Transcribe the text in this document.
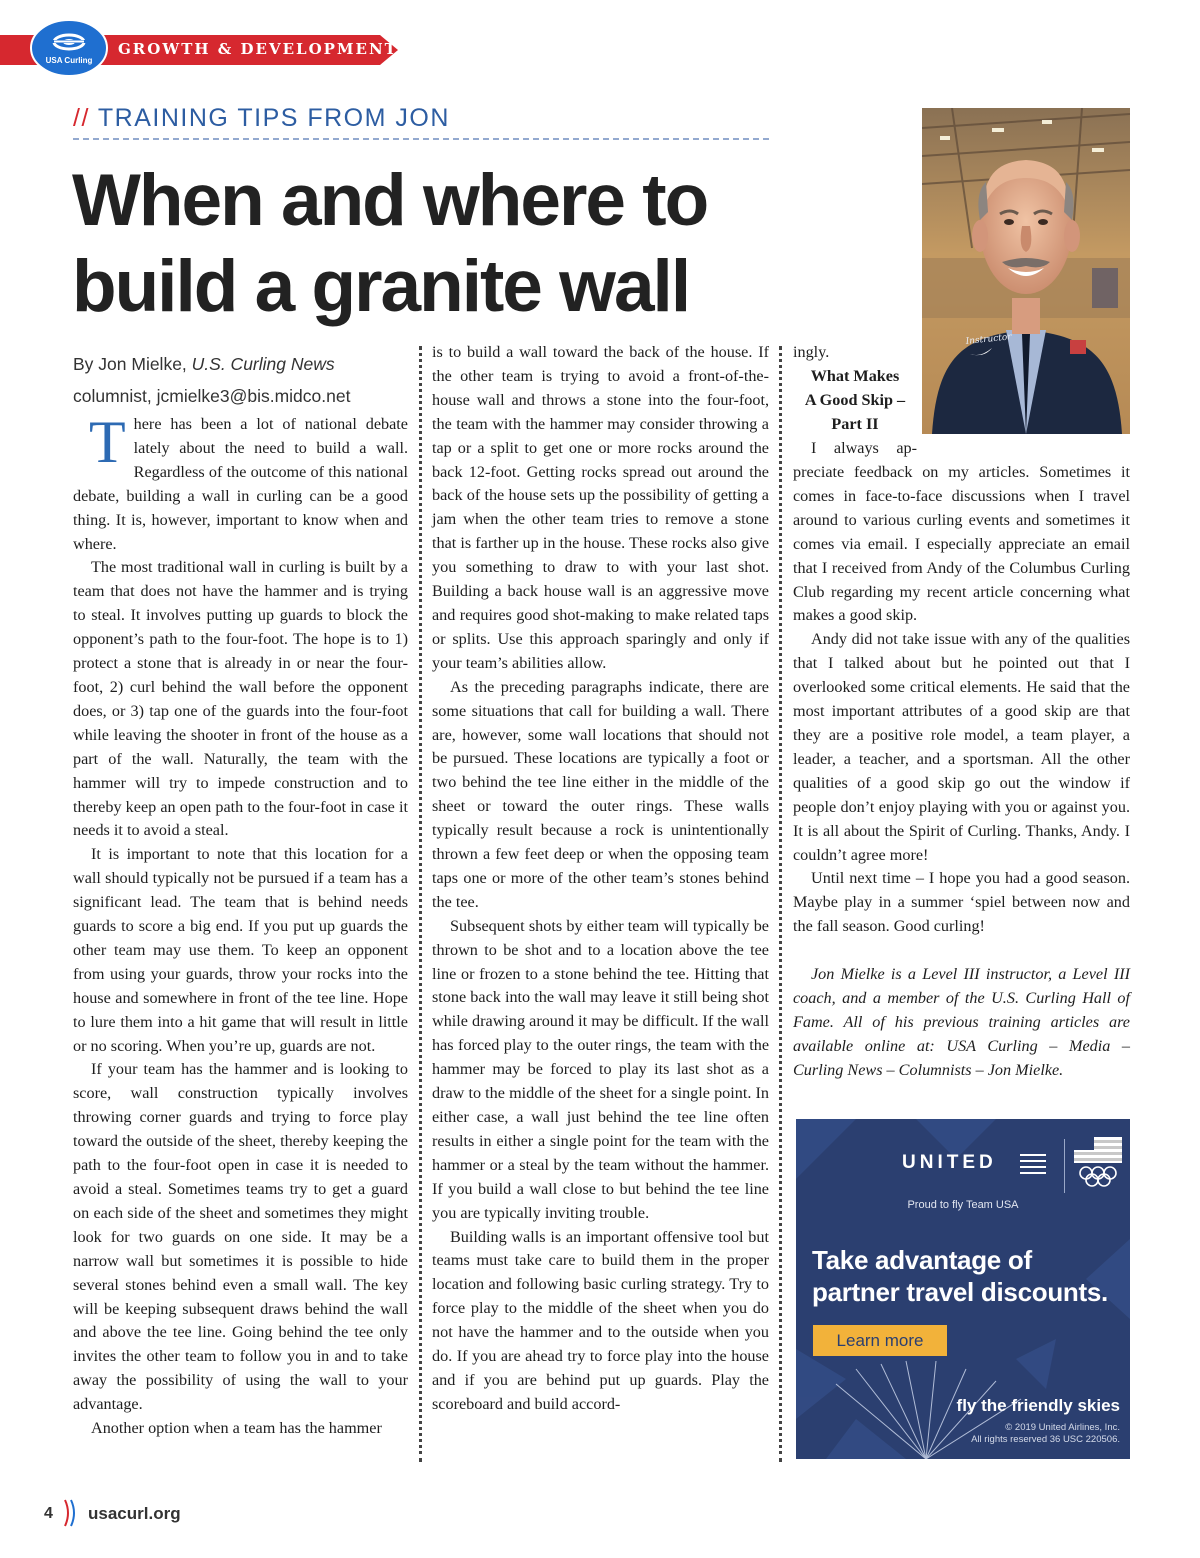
GROWTH & DEVELOPMENT
USA Curling
// TRAINING TIPS FROM JON
When and where to
build a granite wall
Instructor
By Jon Mielke, U.S. Curling News
columnist, jcmielke3@bis.midco.net

There has been a lot of national debate lately about the need to build a wall. Regardless of the outcome of this national debate, building a wall in curling can be a good thing. It is, however, important to know when and where.

The most traditional wall in curling is built by a team that does not have the hammer and is trying to steal. It involves putting up guards to block the opponent’s path to the four-foot. The hope is to 1) protect a stone that is already in or near the four-foot, 2) curl behind the wall before the opponent does, or 3) tap one of the guards into the four-foot while leaving the shooter in front of the house as a part of the wall. Naturally, the team with the hammer will try to impede construction and to thereby keep an open path to the four-foot in case it needs it to avoid a steal.

It is important to note that this location for a wall should typically not be pursued if a team has a significant lead. The team that is behind needs guards to score a big end. If you put up guards the other team may use them. To keep an opponent from using your guards, throw your rocks into the house and somewhere in front of the tee line. Hope to lure them into a hit game that will result in little or no scoring. When you’re up, guards are not.

If your team has the hammer and is looking to score, wall construction typically involves throwing corner guards and trying to force play toward the outside of the sheet, thereby keeping the path to the four-foot open in case it is needed to avoid a steal. Sometimes teams try to get a guard on each side of the sheet and sometimes they might look for two guards on one side. It may be a narrow wall but sometimes it is possible to hide several stones behind even a small wall. The key will be keeping subsequent draws behind the wall and above the tee line. Going behind the tee only invites the other team to follow you in and to take away the possibility of using the wall to your advantage.

Another option when a team has the hammer

is to build a wall toward the back of the house. If the other team is trying to avoid a front-of-the-house wall and throws a stone into the four-foot, the team with the hammer may consider throwing a tap or a split to get one or more rocks around the back 12-foot. Getting rocks spread out around the back of the house sets up the possibility of getting a jam when the other team tries to remove a stone that is farther up in the house. These rocks also give you something to draw to with your last shot. Building a back house wall is an aggressive move and requires good shot-making to make related taps or splits. Use this approach sparingly and only if your team’s abilities allow.

As the preceding paragraphs indicate, there are some situations that call for building a wall. There are, however, some wall locations that should not be pursued. These locations are typically a foot or two behind the tee line either in the middle of the sheet or toward the outer rings. These walls typically result because a rock is unintentionally thrown a few feet deep or when the opposing team taps one or more of the other team’s stones behind the tee.

Subsequent shots by either team will typically be thrown to be shot and to a location above the tee line or frozen to a stone behind the tee. Hitting that stone back into the wall may leave it still being shot while drawing around it may be difficult. If the wall has forced play to the outer rings, the team with the hammer may be forced to play its last shot as a draw to the middle of the sheet for a single point. In either case, a wall just behind the tee line often results in either a single point for the team with the hammer or a steal by the team without the hammer. If you build a wall close to but behind the tee line you are typically inviting trouble.

Building walls is an important offensive tool but teams must take care to build them in the proper location and following basic curling strategy. Try to force play to the middle of the sheet when you do not have the hammer and to the outside when you do. If you are ahead try to force play into the house and if you are behind put up guards. Play the scoreboard and build accord-

ingly.

What Makes
A Good Skip –
Part II

I always ap-

preciate feedback on my articles. Sometimes it comes in face-to-face discussions when I travel around to various curling events and sometimes it comes via email. I especially appreciate an email that I received from Andy of the Columbus Curling Club regarding my recent article concerning what makes a good skip.

Andy did not take issue with any of the qualities that I talked about but he pointed out that I overlooked some critical elements. He said that the most important attributes of a good skip are that they are a positive role model, a team player, a leader, a teacher, and a sportsman. All the other qualities of a good skip go out the window if people don’t enjoy playing with you or against you. It is all about the Spirit of Curling. Thanks, Andy. I couldn’t agree more!

Until next time – I hope you had a good season. Maybe play in a summer ‘spiel between now and the fall season. Good curling!

Jon Mielke is a Level III instructor, a Level III coach, and a member of the U.S. Curling Hall of Fame. All of his previous training articles are available online at: USA Curling – Media – Curling News – Columnists – Jon Mielke.

UNITED
Proud to fly Team USA
Take advantage of
partner travel discounts.
Learn more
fly the friendly skies
© 2019 United Airlines, Inc.
All rights reserved 36 USC 220506.
4 usacurl.org
